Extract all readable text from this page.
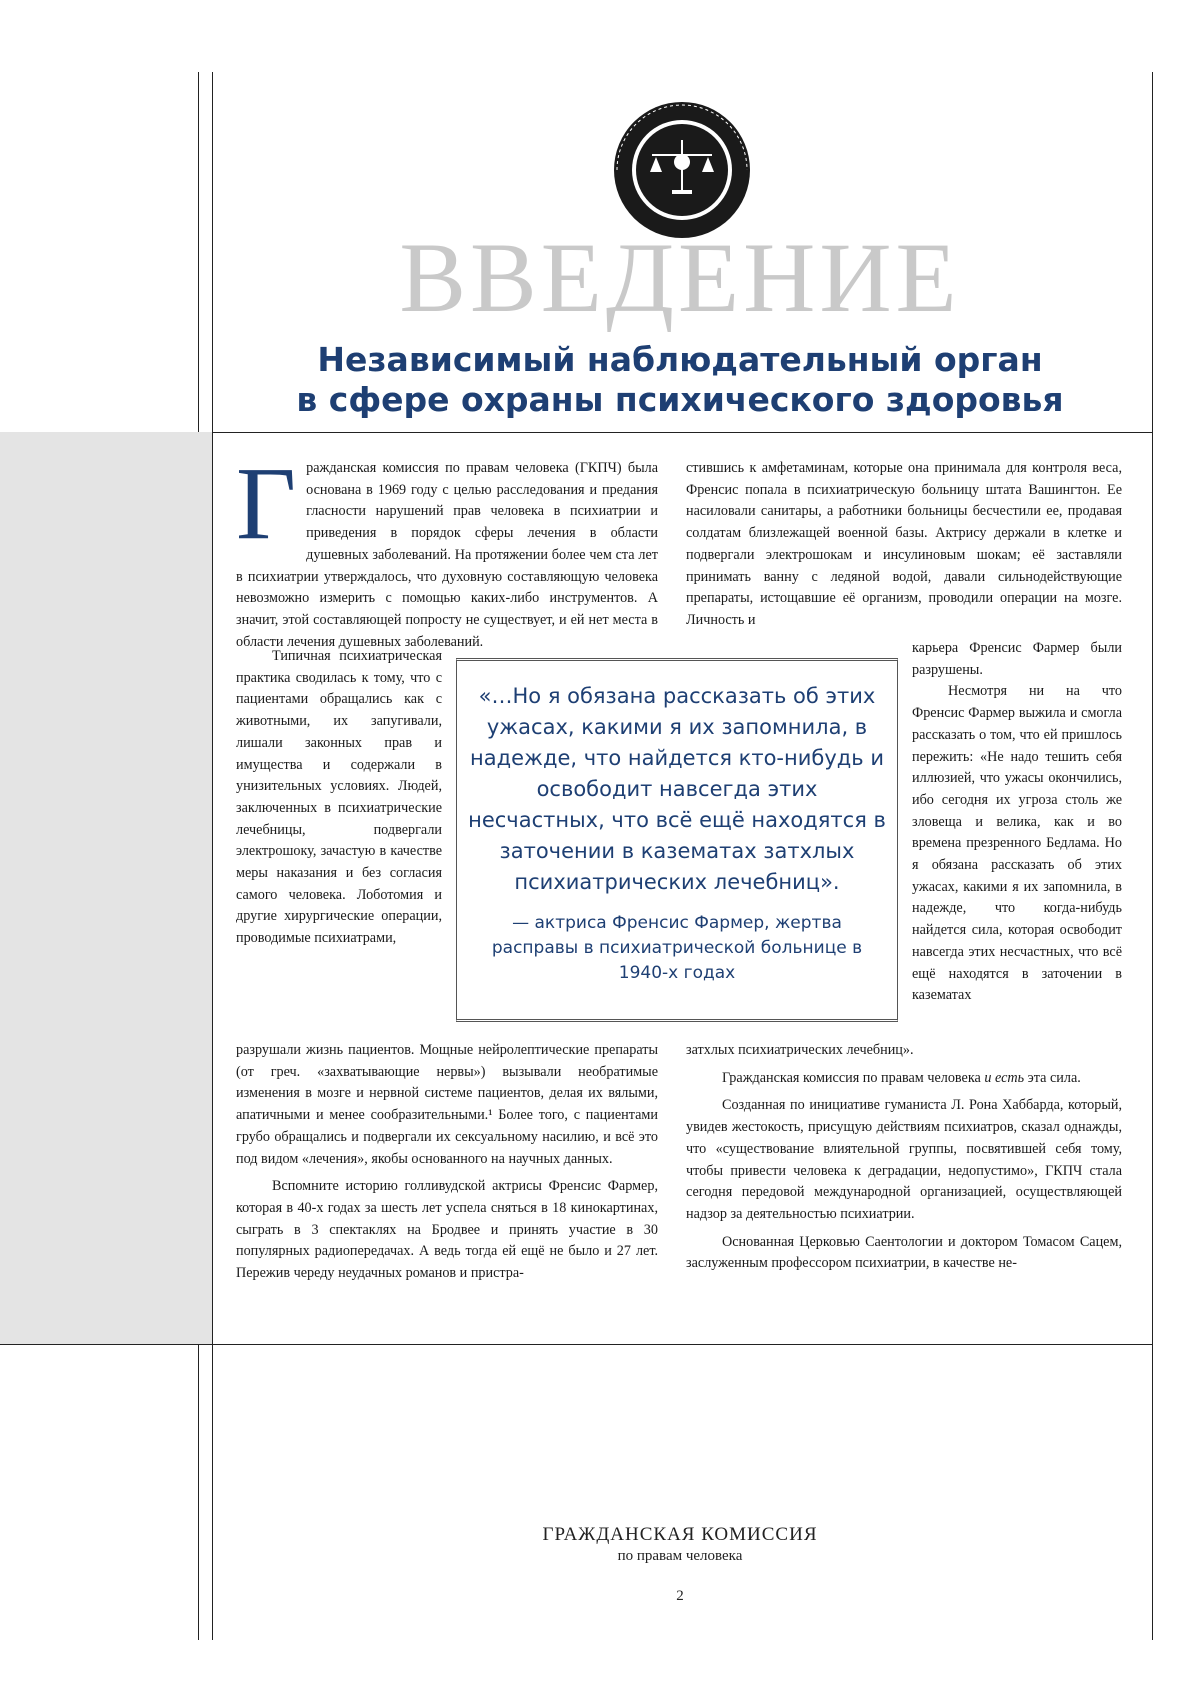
ВВЕДЕНИЕ
Независимый наблюдательный орган
в сфере охраны психического здоровья
Г ражданская комиссия по правам человека (ГКПЧ) была основана в 1969 году с целью расследования и предания гласности нарушений прав человека в психиатрии и приведения в порядок сферы лечения в области душевных заболеваний. На протяжении более чем ста лет в психиатрии утверждалось, что духовную составляющую человека невозможно измерить с помощью каких-либо инструментов. А значит, этой составляющей попросту не существует, и ей нет места в области лечения душевных заболеваний.

Типичная психиатрическая практика сводилась к тому, что с пациентами обращались как с животными, их запугивали, лишали законных прав и имущества и содержали в унизительных условиях. Людей, заключенных в психиатрические лечебницы, подвергали электрошоку, зачастую в качестве меры наказания и без согласия самого человека. Лоботомия и другие хирургические операции, проводимые психиатрами,

разрушали жизнь пациентов. Мощные нейролептические препараты (от греч. «захватывающие нервы») вызывали необратимые изменения в мозге и нервной системе пациентов, делая их вялыми, апатичными и менее сообразительными.¹ Более того, с пациентами грубо обращались и подвергали их сексуальному насилию, и всё это под видом «лечения», якобы основанного на научных данных.

Вспомните историю голливудской актрисы Френсис Фармер, которая в 40-х годах за шесть лет успела сняться в 18 кинокартинах, сыграть в 3 спектаклях на Бродвее и принять участие в 30 популярных радиопередачах. А ведь тогда ей ещё не было и 27 лет. Пережив череду неудачных романов и пристра-

стившись к амфетаминам, которые она принимала для контроля веса, Френсис попала в психиатрическую больницу штата Вашингтон. Ее насиловали санитары, а работники больницы бесчестили ее, продавая солдатам близлежащей военной базы. Актрису держали в клетке и подвергали электрошокам и инсулиновым шокам; её заставляли принимать ванну с ледяной водой, давали сильнодействующие препараты, истощавшие её организм, проводили операции на мозге. Личность и

карьера Френсис Фармер были разрушены.

Несмотря ни на что Френсис Фармер выжила и смогла рассказать о том, что ей пришлось пережить: «Не надо тешить себя иллюзией, что ужасы окончились, ибо сегодня их угроза столь же зловеща и велика, как и во времена презренного Бедлама. Но я обязана рассказать об этих ужасах, какими я их запомнила, в надежде, что когда-нибудь найдется сила, которая освободит навсегда этих несчастных, что всё ещё находятся в заточении в казематах

затхлых психиатрических лечебниц».

Гражданская комиссия по правам человека и есть эта сила.

Созданная по инициативе гуманиста Л. Рона Хаббарда, который, увидев жестокость, присущую действиям психиатров, сказал однажды, что «существование влиятельной группы, посвятившей себя тому, чтобы привести человека к деградации, недопустимо», ГКПЧ стала сегодня передовой международной организацией, осуществляющей надзор за деятельностью психиатрии.

Основанная Церковью Саентологии и доктором Томасом Сацем, заслуженным профессором психиатрии, в качестве не-

«…Но я обязана рассказать об этих ужасах, какими я их запомнила, в надежде, что найдется кто-нибудь и освободит навсегда этих несчастных, что всё ещё находятся в заточении в казематах затхлых психиатрических лечебниц».
— актриса Френсис Фармер, жертва расправы в психиатрической больнице в 1940-х годах
ГРАЖДАНСКАЯ КОМИССИЯ
по правам человека
2
